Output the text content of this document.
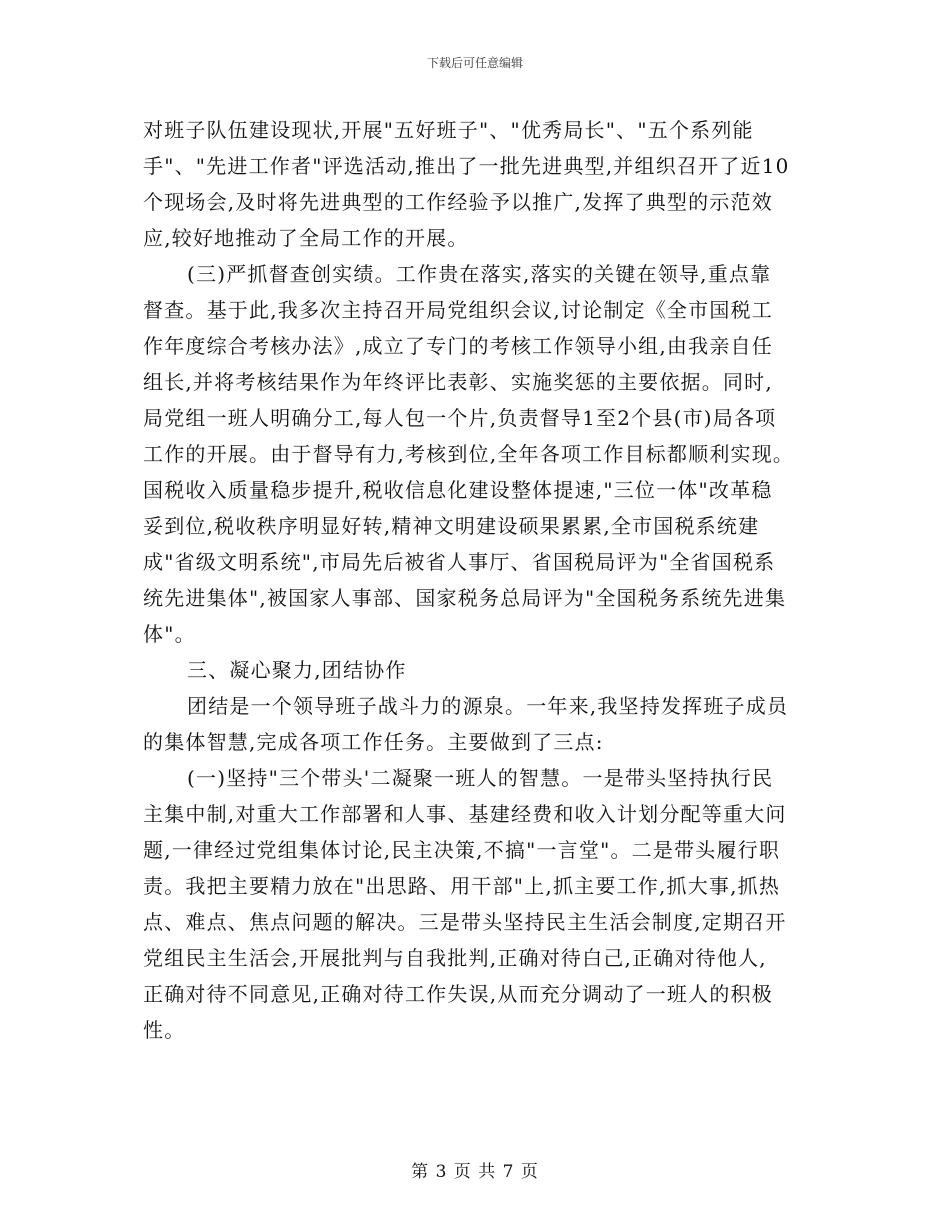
下载后可任意编辑
对班子队伍建设现状,开展"五好班子"、"优秀局长"、"五个系列能
手"、"先进工作者"评选活动,推出了一批先进典型,并组织召开了近10
个现场会,及时将先进典型的工作经验予以推广,发挥了典型的示范效
应,较好地推动了全局工作的开展。
(三)严抓督查创实绩。工作贵在落实,落实的关键在领导,重点靠
督查。基于此,我多次主持召开局党组织会议,讨论制定《全市国税工
作年度综合考核办法》,成立了专门的考核工作领导小组,由我亲自任
组长,并将考核结果作为年终评比表彰、实施奖惩的主要依据。同时,
局党组一班人明确分工,每人包一个片,负责督导1至2个县(市)局各项
工作的开展。由于督导有力,考核到位,全年各项工作目标都顺利实现。
国税收入质量稳步提升,税收信息化建设整体提速,"三位一体"改革稳
妥到位,税收秩序明显好转,精神文明建设硕果累累,全市国税系统建
成"省级文明系统",市局先后被省人事厅、省国税局评为"全省国税系
统先进集体",被国家人事部、国家税务总局评为"全国税务系统先进集
体"。
三、凝心聚力,团结协作
团结是一个领导班子战斗力的源泉。一年来,我坚持发挥班子成员
的集体智慧,完成各项工作任务。主要做到了三点:
(一)坚持"三个带头'二凝聚一班人的智慧。一是带头坚持执行民
主集中制,对重大工作部署和人事、基建经费和收入计划分配等重大问
题,一律经过党组集体讨论,民主决策,不搞"一言堂"。二是带头履行职
责。我把主要精力放在"出思路、用干部"上,抓主要工作,抓大事,抓热
点、难点、焦点问题的解决。三是带头坚持民主生活会制度,定期召开
党组民主生活会,开展批判与自我批判,正确对待白己,正确对待他人,
正确对待不同意见,正确对待工作失误,从而充分调动了一班人的积极
性。
第 3 页 共 7 页
